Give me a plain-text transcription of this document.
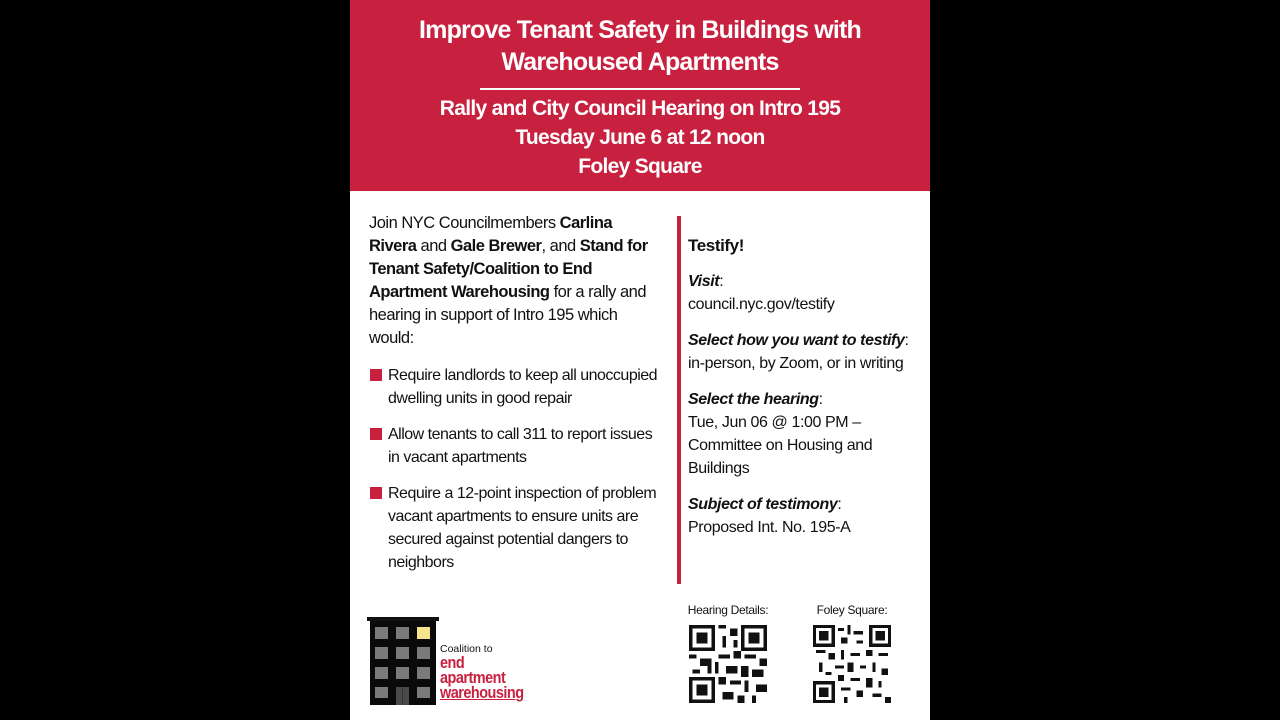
Improve Tenant Safety in Buildings with
Warehoused Apartments
Rally and City Council Hearing on Intro 195
Tuesday June 6 at 12 noon
Foley Square
Join NYC Councilmembers Carlina Rivera and Gale Brewer, and Stand for Tenant Safety/Coalition to End Apartment Warehousing for a rally and hearing in support of Intro 195 which would:
Require landlords to keep all unoccupied dwelling units in good repair
Allow tenants to call 311 to report issues in vacant apartments
Require a 12-point inspection of problem vacant apartments to ensure units are secured against potential dangers to neighbors
Testify!
Visit:
council.nyc.gov/testify
Select how you want to testify:
in-person, by Zoom, or in writing
Select the hearing:
Tue, Jun 06 @ 1:00 PM – Committee on Housing and Buildings
Subject of testimony:
Proposed Int. No. 195-A
Hearing Details:	Foley Square:
Coalition to
end
apartment
warehousing
